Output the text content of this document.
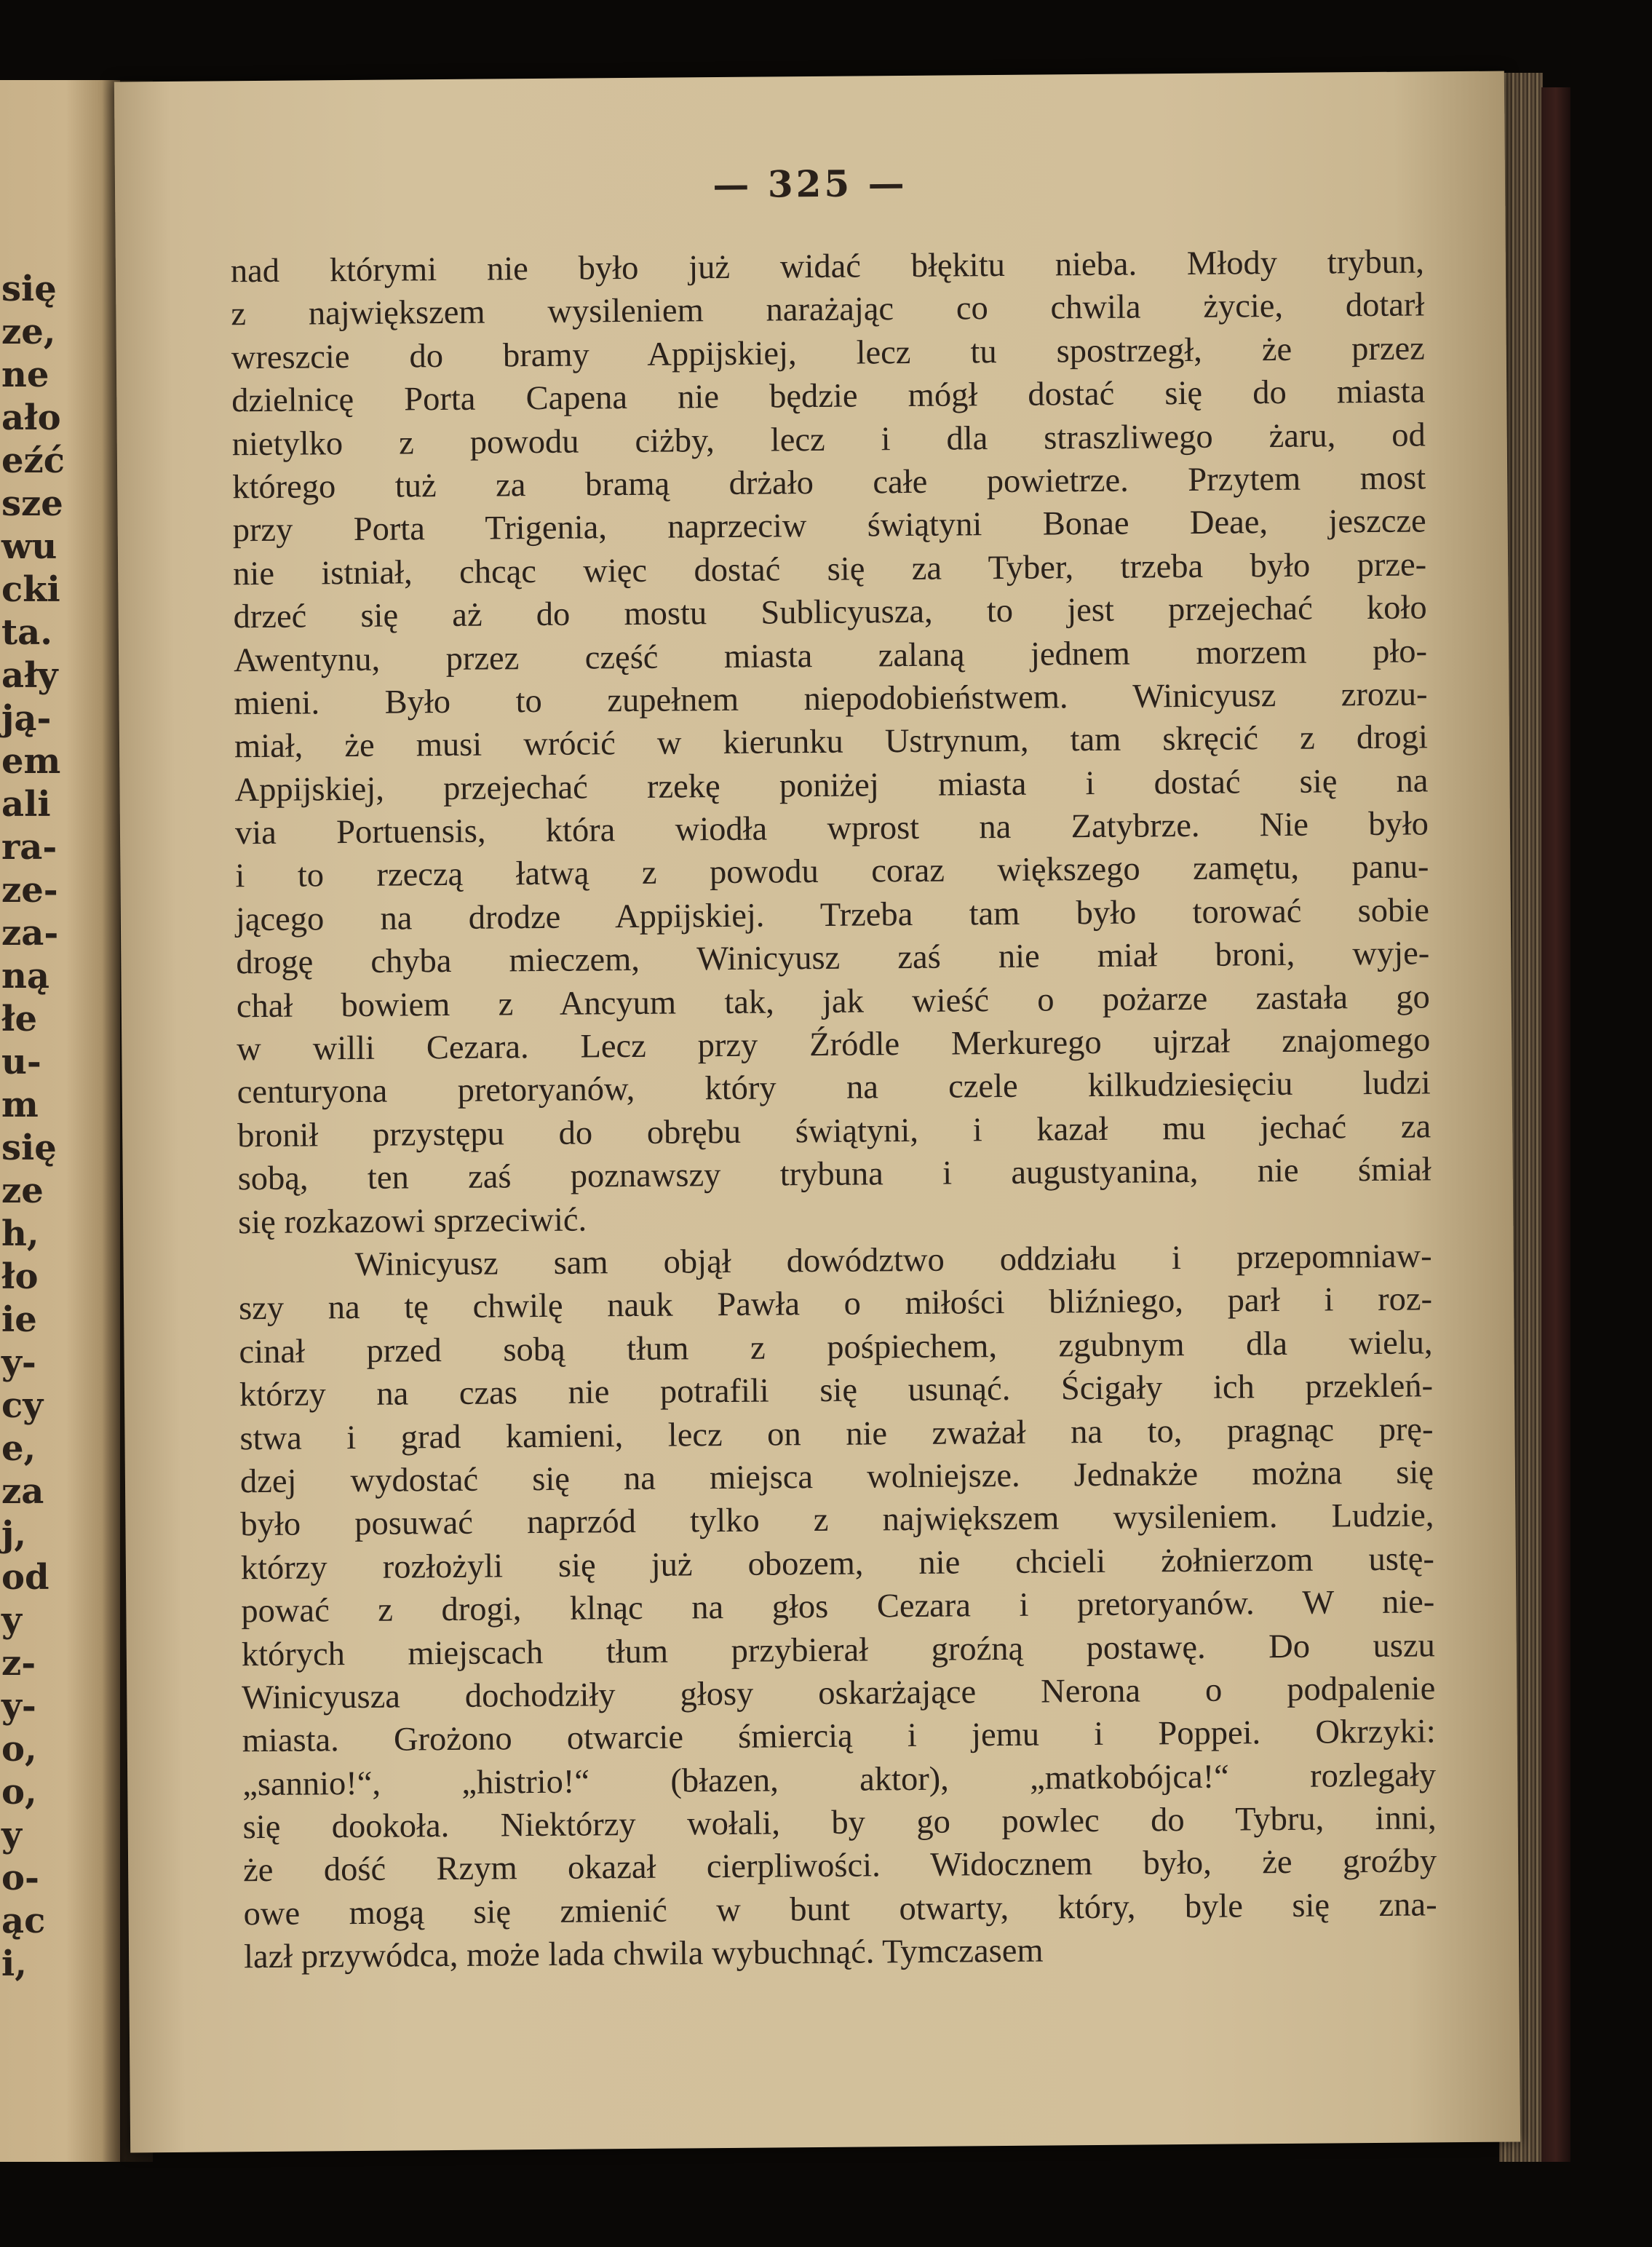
się
ze,
ne
ało
eźć
sze
wu
cki
ta.
ały
ją-
em
ali
ra-
ze-
za-
ną
łe
u-
m
się
ze
h,
ło
ie
y-
cy
e,
za
j,
od
y
z-
y-
o,
o,
y
o-
ąc
i,
— 325 —
nad którymi nie było już widać błękitu nieba. Młody trybun,
z największem wysileniem narażając co chwila życie, dotarł
wreszcie do bramy Appijskiej, lecz tu spostrzegł, że przez
dzielnicę Porta Capena nie będzie mógł dostać się do miasta
nietylko z powodu ciżby, lecz i dla straszliwego żaru, od
którego tuż za bramą drżało całe powietrze. Przytem most
przy Porta Trigenia, naprzeciw świątyni Bonae Deae, jeszcze
nie istniał, chcąc więc dostać się za Tyber, trzeba było prze-
drzeć się aż do mostu Sublicyusza, to jest przejechać koło
Awentynu, przez część miasta zalaną jednem morzem pło-
mieni. Było to zupełnem niepodobieństwem. Winicyusz zrozu-
miał, że musi wrócić w kierunku Ustrynum, tam skręcić z drogi
Appijskiej, przejechać rzekę poniżej miasta i dostać się na
via Portuensis, która wiodła wprost na Zatybrze. Nie było
i to rzeczą łatwą z powodu coraz większego zamętu, panu-
jącego na drodze Appijskiej. Trzeba tam było torować sobie
drogę chyba mieczem, Winicyusz zaś nie miał broni, wyje-
chał bowiem z Ancyum tak, jak wieść o pożarze zastała go
w willi Cezara. Lecz przy Źródle Merkurego ujrzał znajomego
centuryona pretoryanów, który na czele kilkudziesięciu ludzi
bronił przystępu do obrębu świątyni, i kazał mu jechać za
sobą, ten zaś poznawszy trybuna i augustyanina, nie śmiał
się rozkazowi sprzeciwić.
Winicyusz sam objął dowództwo oddziału i przepomniaw-
szy na tę chwilę nauk Pawła o miłości bliźniego, parł i roz-
cinał przed sobą tłum z pośpiechem, zgubnym dla wielu,
którzy na czas nie potrafili się usunąć. Ścigały ich przekleń-
stwa i grad kamieni, lecz on nie zważał na to, pragnąc prę-
dzej wydostać się na miejsca wolniejsze. Jednakże można się
było posuwać naprzód tylko z największem wysileniem. Ludzie,
którzy rozłożyli się już obozem, nie chcieli żołnierzom ustę-
pować z drogi, klnąc na głos Cezara i pretoryanów. W nie-
których miejscach tłum przybierał groźną postawę. Do uszu
Winicyusza dochodziły głosy oskarżające Nerona o podpalenie
miasta. Grożono otwarcie śmiercią i jemu i Poppei. Okrzyki:
„sannio!“, „histrio!“ (błazen, aktor), „matkobójca!“ rozlegały
się dookoła. Niektórzy wołali, by go powlec do Tybru, inni,
że dość Rzym okazał cierpliwości. Widocznem było, że groźby
owe mogą się zmienić w bunt otwarty, który, byle się zna-
lazł przywódca, może lada chwila wybuchnąć. Tymczasem
